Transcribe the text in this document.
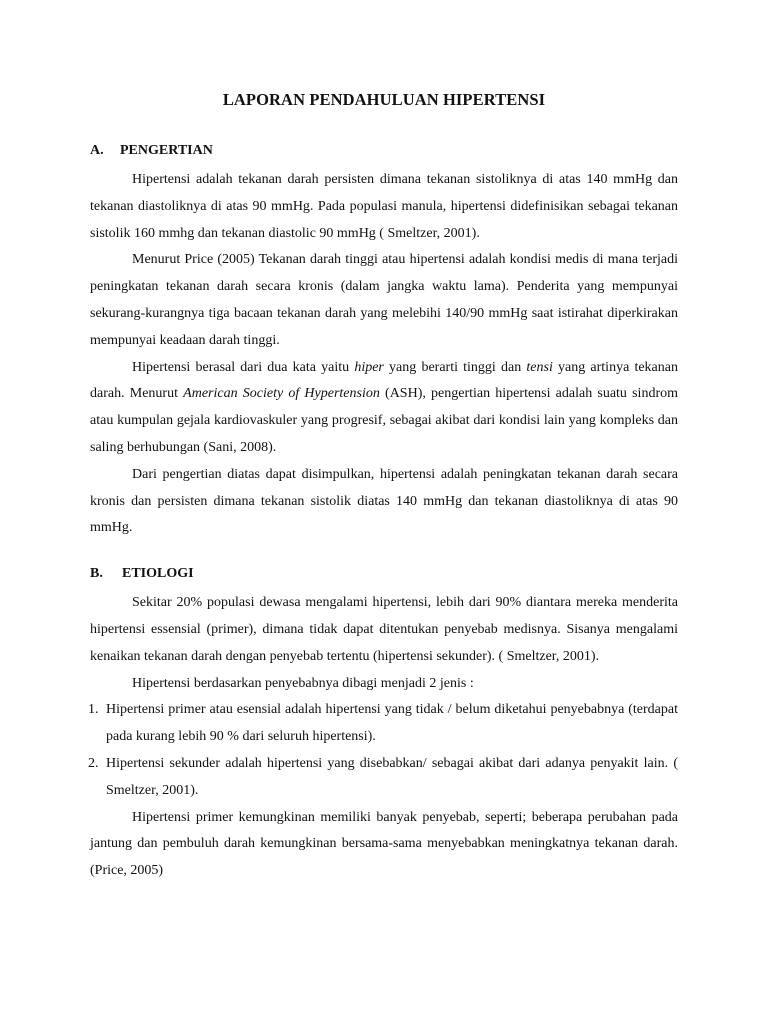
LAPORAN PENDAHULUAN HIPERTENSI
A.	PENGERTIAN

Hipertensi adalah tekanan darah persisten dimana tekanan sistoliknya di atas 140 mmHg dan tekanan diastoliknya di atas 90 mmHg. Pada populasi manula, hipertensi didefinisikan sebagai tekanan sistolik 160 mmhg dan tekanan diastolic 90 mmHg ( Smeltzer, 2001).

Menurut Price (2005) Tekanan darah tinggi atau hipertensi adalah kondisi medis di mana terjadi peningkatan tekanan darah secara kronis (dalam jangka waktu lama). Penderita yang mempunyai sekurang-kurangnya tiga bacaan tekanan darah yang melebihi 140/90 mmHg saat istirahat diperkirakan mempunyai keadaan darah tinggi.

Hipertensi berasal dari dua kata yaitu hiper yang berarti tinggi dan tensi yang artinya tekanan darah. Menurut American Society of Hypertension (ASH), pengertian hipertensi adalah suatu sindrom atau kumpulan gejala kardiovaskuler yang progresif, sebagai akibat dari kondisi lain yang kompleks dan saling berhubungan (Sani, 2008).

Dari pengertian diatas dapat disimpulkan, hipertensi adalah peningkatan tekanan darah secara kronis dan persisten dimana tekanan sistolik diatas 140 mmHg dan tekanan diastoliknya di atas 90 mmHg.

B.	ETIOLOGI

Sekitar 20% populasi dewasa mengalami hipertensi, lebih dari 90% diantara mereka menderita hipertensi essensial (primer), dimana tidak dapat ditentukan penyebab medisnya. Sisanya mengalami kenaikan tekanan darah dengan penyebab tertentu (hipertensi sekunder). ( Smeltzer, 2001).

Hipertensi berdasarkan penyebabnya dibagi menjadi 2 jenis :

1. Hipertensi primer atau esensial adalah hipertensi yang tidak / belum diketahui penyebabnya (terdapat pada kurang lebih 90 % dari seluruh hipertensi).
2. Hipertensi sekunder adalah hipertensi yang disebabkan/ sebagai akibat dari adanya penyakit lain. ( Smeltzer, 2001).

Hipertensi primer kemungkinan memiliki banyak penyebab, seperti; beberapa perubahan pada jantung dan pembuluh darah kemungkinan bersama-sama menyebabkan meningkatnya tekanan darah. (Price, 2005)
